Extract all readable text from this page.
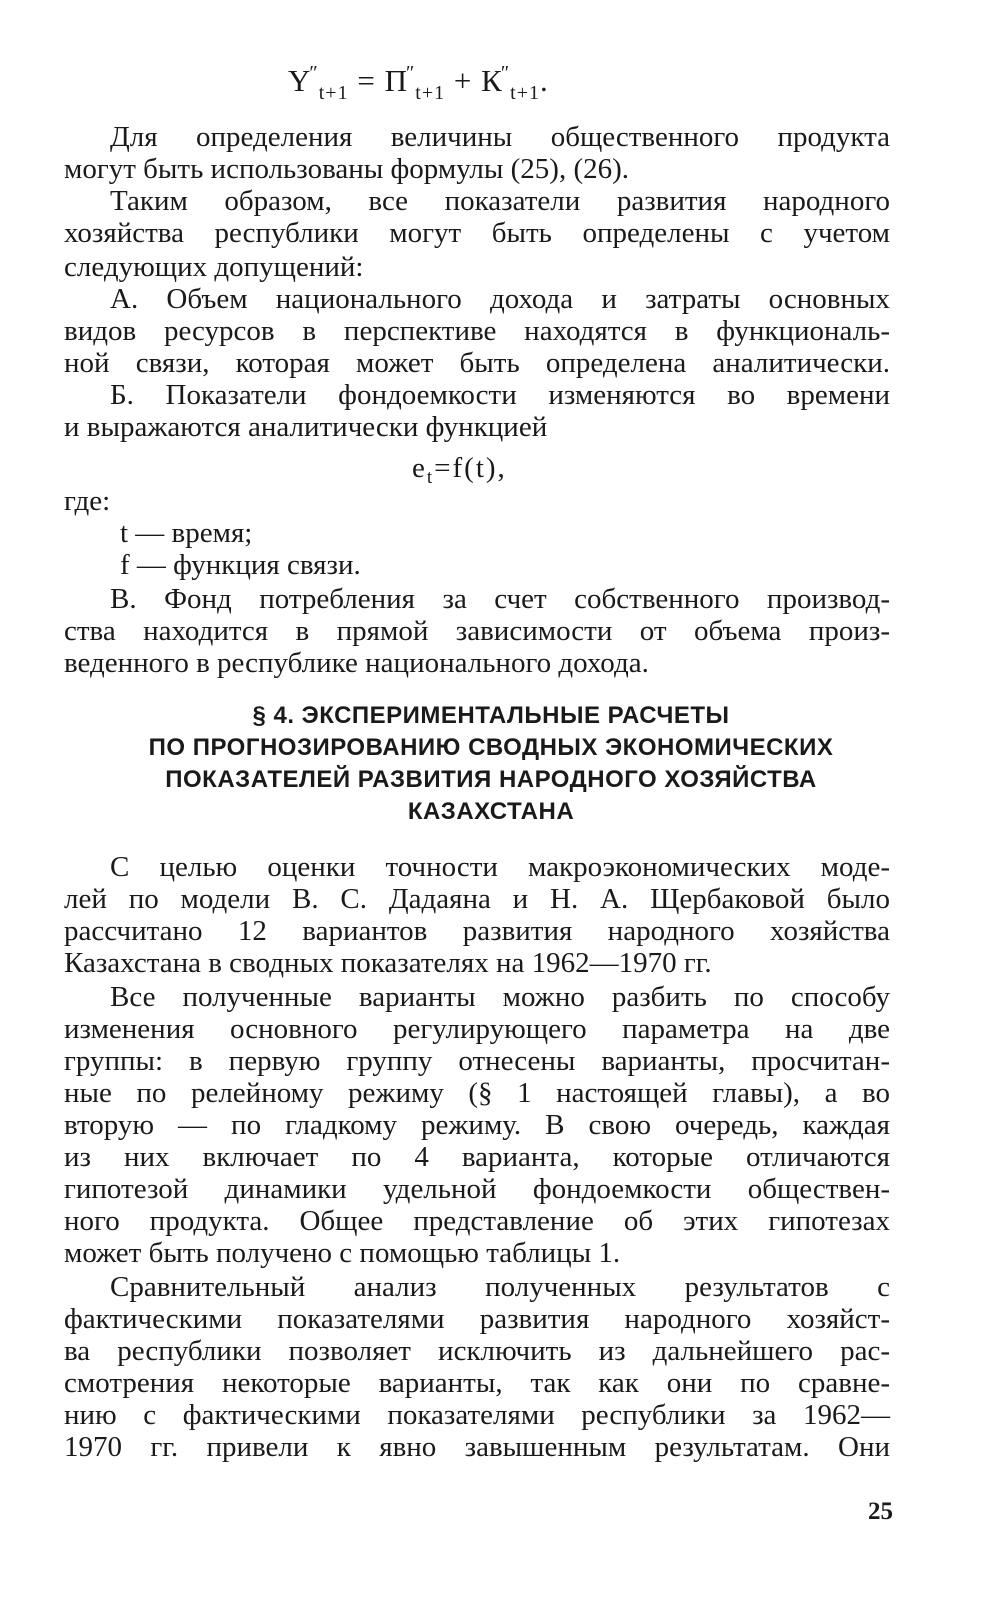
$Y''_{t+1} = П''_{t+1} + К''_{t+1}$.
Для определения величины общественного продукта
могут быть использованы формулы (25), (26).
Таким образом, все показатели развития народного
хозяйства республики могут быть определены с учетом
следующих допущений:
А. Объем национального дохода и затраты основных
видов ресурсов в перспективе находятся в функциональ-
ной связи, которая может быть определена аналитически.
Б. Показатели фондоемкости изменяются во времени
и выражаются аналитически функцией
$e_t=f(t)$,
где:
t — время;
f — функция связи.
В. Фонд потребления за счет собственного производ-
ства находится в прямой зависимости от объема произ-
веденного в республике национального дохода.
§ 4. ЭКСПЕРИМЕНТАЛЬНЫЕ РАСЧЕТЫ
ПО ПРОГНОЗИРОВАНИЮ СВОДНЫХ ЭКОНОМИЧЕСКИХ
ПОКАЗАТЕЛЕЙ РАЗВИТИЯ НАРОДНОГО ХОЗЯЙСТВА
КАЗАХСТАНА
С целью оценки точности макроэкономических моде-
лей по модели В. С. Дадаяна и Н. А. Щербаковой было
рассчитано 12 вариантов развития народного хозяйства
Казахстана в сводных показателях на 1962—1970 гг.
Все полученные варианты можно разбить по способу
изменения основного регулирующего параметра на две
группы: в первую группу отнесены варианты, просчитан-
ные по релейному режиму (§ 1 настоящей главы), а во
вторую — по гладкому режиму. В свою очередь, каждая
из них включает по 4 варианта, которые отличаются
гипотезой динамики удельной фондоемкости обществен-
ного продукта. Общее представление об этих гипотезах
может быть получено с помощью таблицы 1.
Сравнительный анализ полученных результатов с
фактическими показателями развития народного хозяйст-
ва республики позволяет исключить из дальнейшего рас-
смотрения некоторые варианты, так как они по сравне-
нию с фактическими показателями республики за 1962—
1970 гг. привели к явно завышенным результатам. Они
25
